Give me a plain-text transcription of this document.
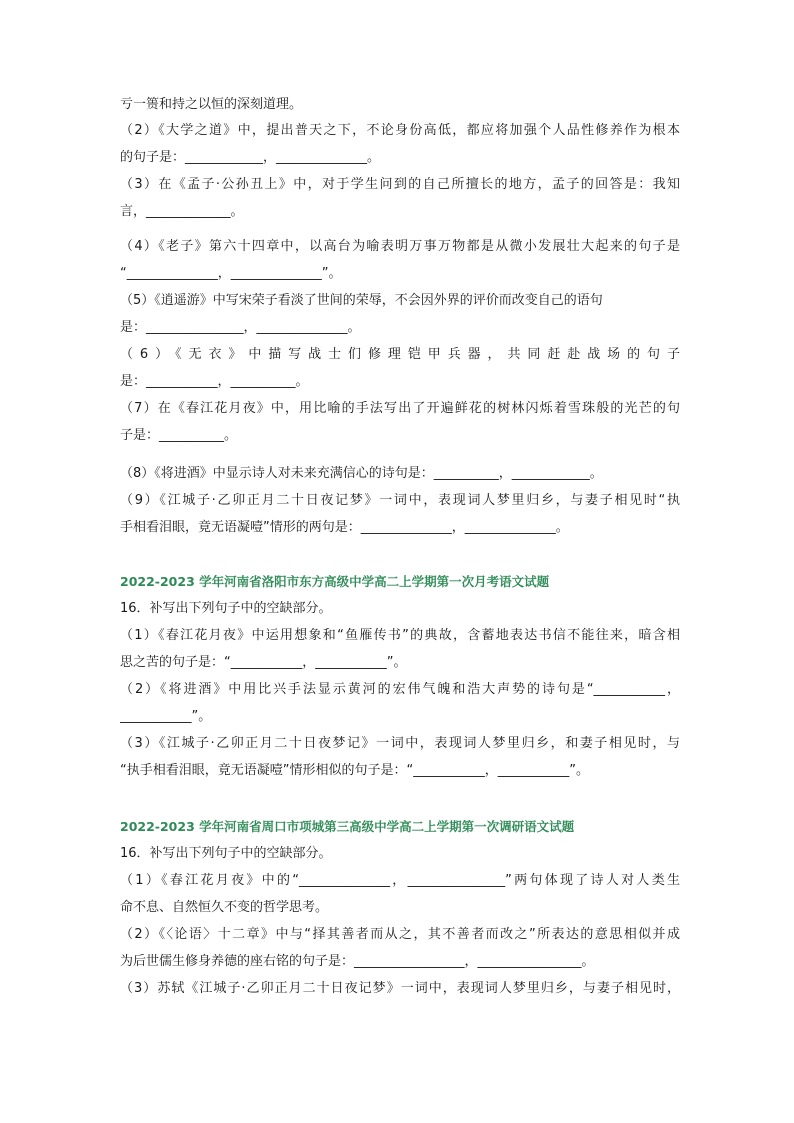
亏一篑和持之以恒的深刻道理。
（2）《大学之道》中，提出普天之下，不论身份高低，都应将加强个人品性修养作为根本
的句子是：____________，______________。
（3）在《孟子·公孙丑上》中，对于学生问到的自己所擅长的地方，孟子的回答是：我知
言，_____________。
（4）《老子》第六十四章中，以高台为喻表明万事万物都是从微小发展壮大起来的句子是
“______________，______________”。
（5）《逍遥游》中写宋荣子看淡了世间的荣辱，不会因外界的评价而改变自己的语句
是：_______________，______________。
（6）《无衣》中描写战士们修理铠甲兵器，共同赶赴战场的句子
是：___________，__________。
（7）在《春江花月夜》中，用比喻的手法写出了开遍鲜花的树林闪烁着雪珠般的光芒的句
子是：__________。
（8）《将进酒》中显示诗人对未来充满信心的诗句是：__________，____________。
（9）《江城子·乙卯正月二十日夜记梦》一词中，表现词人梦里归乡，与妻子相见时“执
手相看泪眼，竟无语凝噎”情形的两句是：______________，______________。
2022-2023 学年河南省洛阳市东方高级中学高二上学期第一次月考语文试题
16．补写出下列句子中的空缺部分。
（1）《春江花月夜》中运用想象和“鱼雁传书”的典故，含蓄地表达书信不能往来，暗含相
思之苦的句子是：“___________，___________”。
（2）《将进酒》中用比兴手法显示黄河的宏伟气魄和浩大声势的诗句是“___________，
___________”。
（3）《江城子·乙卯正月二十日夜梦记》一词中，表现词人梦里归乡，和妻子相见时，与
“执手相看泪眼，竟无语凝噎”情形相似的句子是：“___________，___________”。
2022-2023 学年河南省周口市项城第三高级中学高二上学期第一次调研语文试题
16．补写出下列句子中的空缺部分。
（1）《春江花月夜》中的“______________，_______________”两句体现了诗人对人类生
命不息、自然恒久不变的哲学思考。
（2）《〈论语〉十二章》中与“择其善者而从之，其不善者而改之”所表达的意思相似并成
为后世儒生修身养德的座右铭的句子是：_________________，________________。
（3）苏轼《江城子·乙卯正月二十日夜记梦》一词中，表现词人梦里归乡，与妻子相见时，
